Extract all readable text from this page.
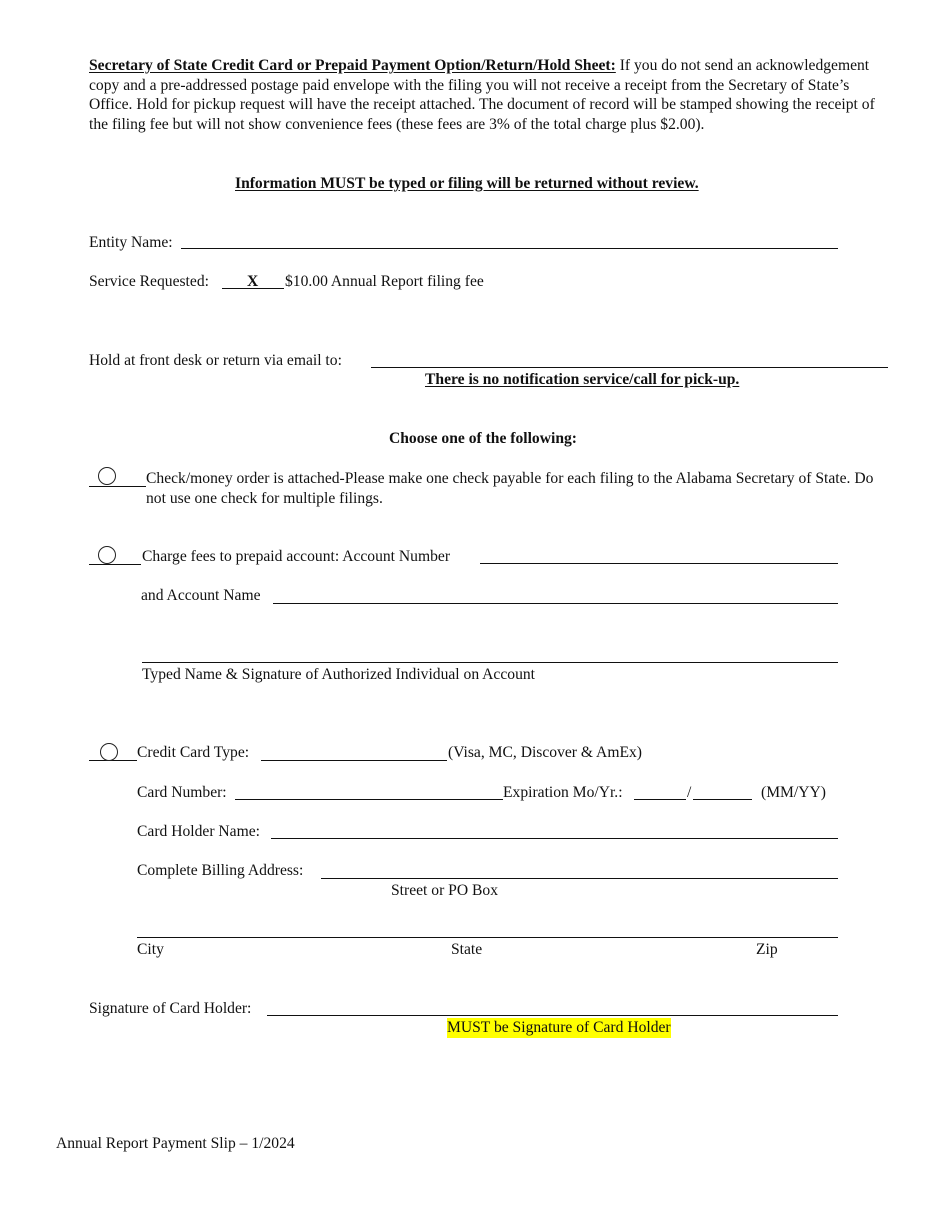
Secretary of State Credit Card or Prepaid Payment Option/Return/Hold Sheet: If you do not send an acknowledgement copy and a pre-addressed postage paid envelope with the filing you will not receive a receipt from the Secretary of State’s Office. Hold for pickup request will have the receipt attached. The document of record will be stamped showing the receipt of the filing fee but will not show convenience fees (these fees are 3% of the total charge plus $2.00).
Information MUST be typed or filing will be returned without review.
Entity Name:
Service Requested: X $10.00 Annual Report filing fee
Hold at front desk or return via email to:
There is no notification service/call for pick-up.
Choose one of the following:
Check/money order is attached-Please make one check payable for each filing to the Alabama Secretary of State. Do not use one check for multiple filings.
Charge fees to prepaid account: Account Number
and Account Name
Typed Name & Signature of Authorized Individual on Account
Credit Card Type:	(Visa, MC, Discover & AmEx)
Card Number:	Expiration Mo/Yr.:	/	(MM/YY)
Card Holder Name:
Complete Billing Address:
Street or PO Box
City	State	Zip
Signature of Card Holder:
MUST be Signature of Card Holder
Annual Report Payment Slip – 1/2024
